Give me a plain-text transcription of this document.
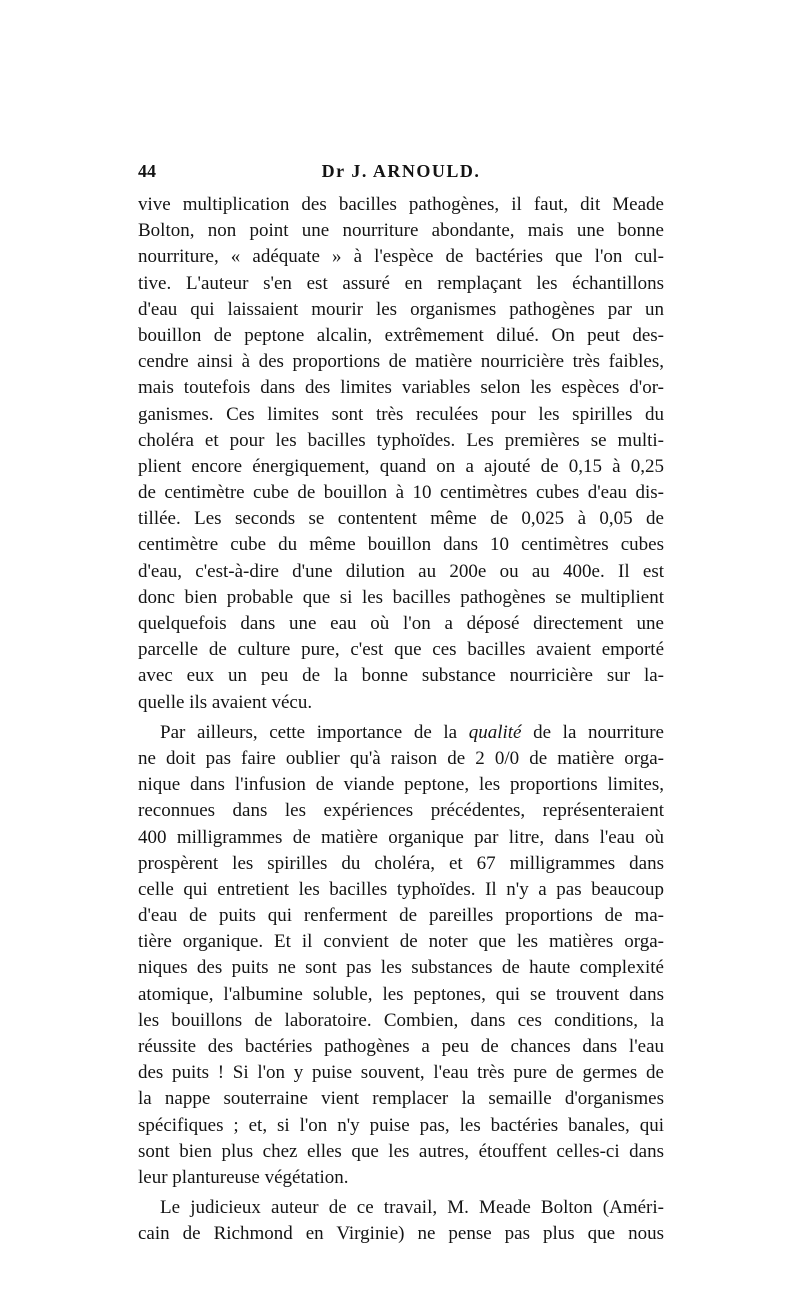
44	Dr J. ARNOULD.
vive multiplication des bacilles pathogènes, il faut, dit Meade
Bolton, non point une nourriture abondante, mais une bonne
nourriture, « adéquate » à l'espèce de bactéries que l'on cul-
tive. L'auteur s'en est assuré en remplaçant les échantillons
d'eau qui laissaient mourir les organismes pathogènes par un
bouillon de peptone alcalin, extrêmement dilué. On peut des-
cendre ainsi à des proportions de matière nourricière très faibles,
mais toutefois dans des limites variables selon les espèces d'or-
ganismes. Ces limites sont très reculées pour les spirilles du
choléra et pour les bacilles typhoïdes. Les premières se multi-
plient encore énergiquement, quand on a ajouté de 0,15 à 0,25
de centimètre cube de bouillon à 10 centimètres cubes d'eau dis-
tillée. Les seconds se contentent même de 0,025 à 0,05 de
centimètre cube du même bouillon dans 10 centimètres cubes
d'eau, c'est-à-dire d'une dilution au 200e ou au 400e. Il est
donc bien probable que si les bacilles pathogènes se multiplient
quelquefois dans une eau où l'on a déposé directement une
parcelle de culture pure, c'est que ces bacilles avaient emporté
avec eux un peu de la bonne substance nourricière sur la-
quelle ils avaient vécu.
Par ailleurs, cette importance de la qualité de la nourriture
ne doit pas faire oublier qu'à raison de 2 0/0 de matière orga-
nique dans l'infusion de viande peptone, les proportions limites,
reconnues dans les expériences précédentes, représenteraient
400 milligrammes de matière organique par litre, dans l'eau où
prospèrent les spirilles du choléra, et 67 milligrammes dans
celle qui entretient les bacilles typhoïdes. Il n'y a pas beaucoup
d'eau de puits qui renferment de pareilles proportions de ma-
tière organique. Et il convient de noter que les matières orga-
niques des puits ne sont pas les substances de haute complexité
atomique, l'albumine soluble, les peptones, qui se trouvent dans
les bouillons de laboratoire. Combien, dans ces conditions, la
réussite des bactéries pathogènes a peu de chances dans l'eau
des puits ! Si l'on y puise souvent, l'eau très pure de germes de
la nappe souterraine vient remplacer la semaille d'organismes
spécifiques ; et, si l'on n'y puise pas, les bactéries banales, qui
sont bien plus chez elles que les autres, étouffent celles-ci dans
leur plantureuse végétation.
Le judicieux auteur de ce travail, M. Meade Bolton (Améri-
cain de Richmond en Virginie) ne pense pas plus que nous
